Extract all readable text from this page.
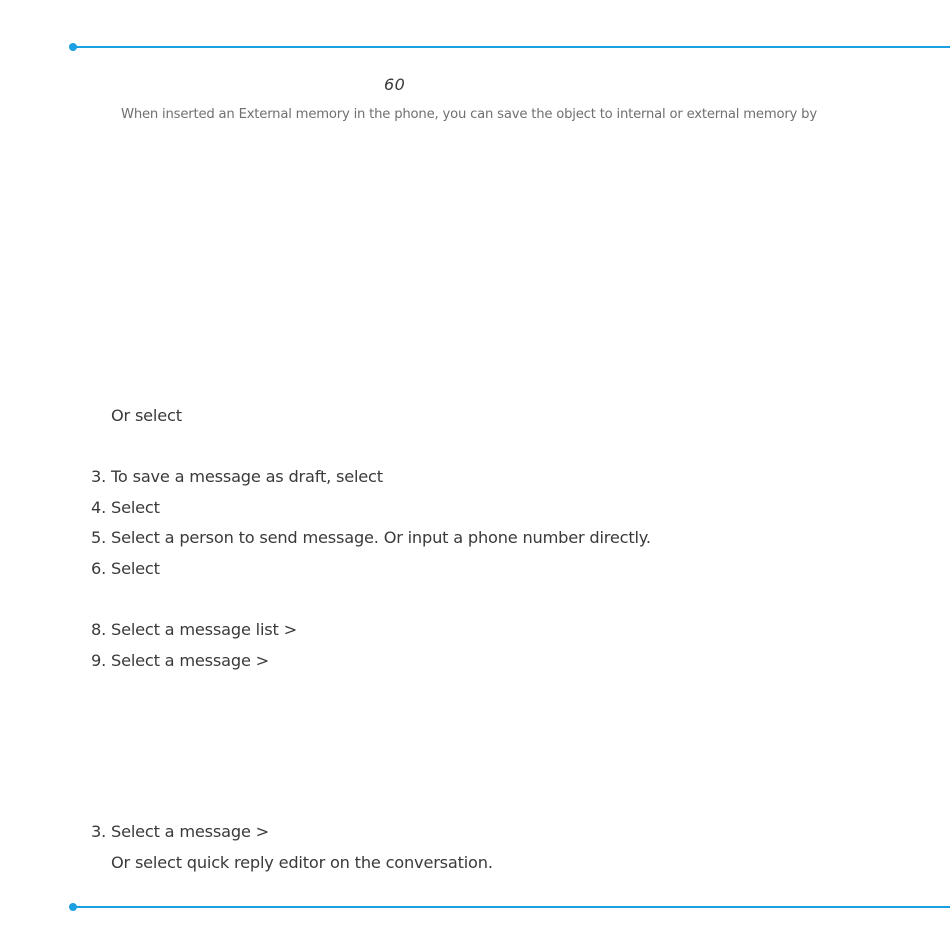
60
When inserted an External memory in the phone, you can save the object to internal or external memory by
Or select
3. To save a message as draft, select
4. Select
5. Select a person to send message. Or input a phone number directly.
6. Select
8. Select a message list >
9. Select a message >
3. Select a message >
Or select quick reply editor on the conversation.
